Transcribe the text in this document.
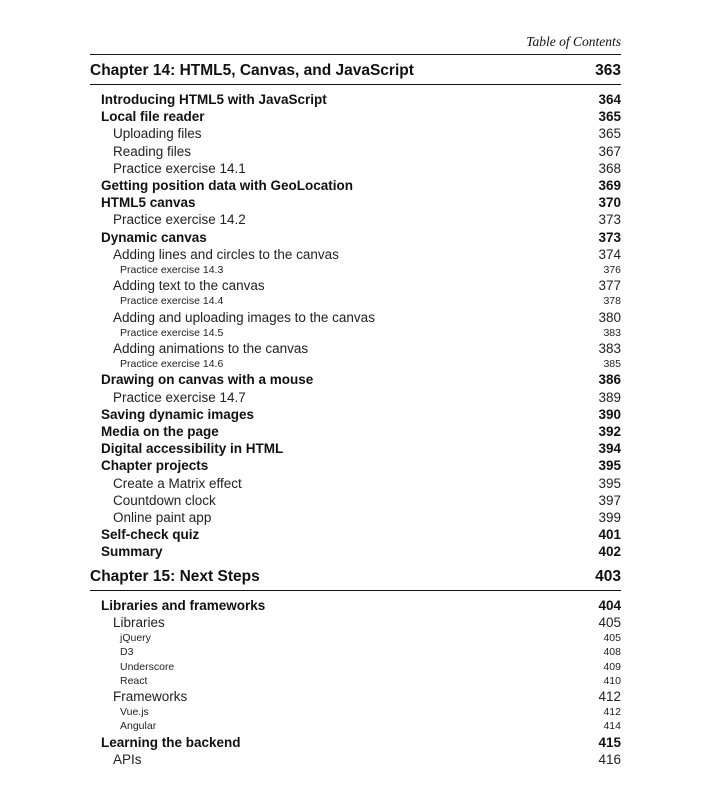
Table of Contents
Chapter 14: HTML5, Canvas, and JavaScript	363
Introducing HTML5 with JavaScript	364
Local file reader	365
Uploading files	365
Reading files	367
Practice exercise 14.1	368
Getting position data with GeoLocation	369
HTML5 canvas	370
Practice exercise 14.2	373
Dynamic canvas	373
Adding lines and circles to the canvas	374
Practice exercise 14.3	376
Adding text to the canvas	377
Practice exercise 14.4	378
Adding and uploading images to the canvas	380
Practice exercise 14.5	383
Adding animations to the canvas	383
Practice exercise 14.6	385
Drawing on canvas with a mouse	386
Practice exercise 14.7	389
Saving dynamic images	390
Media on the page	392
Digital accessibility in HTML	394
Chapter projects	395
Create a Matrix effect	395
Countdown clock	397
Online paint app	399
Self-check quiz	401
Summary	402
Chapter 15: Next Steps	403
Libraries and frameworks	404
Libraries	405
jQuery	405
D3	408
Underscore	409
React	410
Frameworks	412
Vue.js	412
Angular	414
Learning the backend	415
APIs	416
